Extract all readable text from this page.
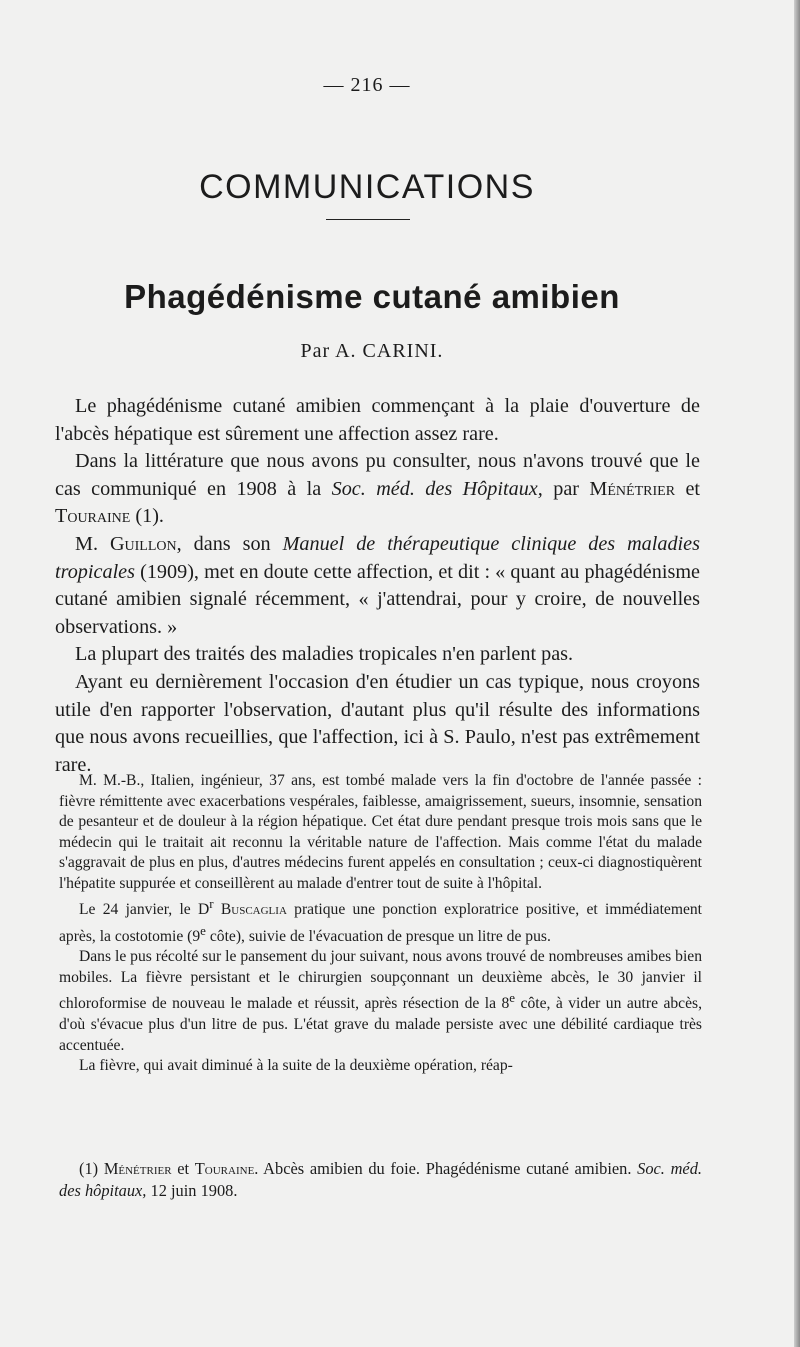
— 216 —
COMMUNICATIONS
Phagédénisme cutané amibien
Par A. CARINI.

Le phagédénisme cutané amibien commençant à la plaie d'ouverture de l'abcès hépatique est sûrement une affection assez rare.

Dans la littérature que nous avons pu consulter, nous n'avons trouvé que le cas communiqué en 1908 à la Soc. méd. des Hôpitaux, par Ménétrier et Touraine (1).

M. Guillon, dans son Manuel de thérapeutique clinique des maladies tropicales (1909), met en doute cette affection, et dit : « quant au phagédénisme cutané amibien signalé récemment, « j'attendrai, pour y croire, de nouvelles observations. »

La plupart des traités des maladies tropicales n'en parlent pas.

Ayant eu dernièrement l'occasion d'en étudier un cas typique, nous croyons utile d'en rapporter l'observation, d'autant plus qu'il résulte des informations que nous avons recueillies, que l'affection, ici à S. Paulo, n'est pas extrêmement rare.

M. M.-B., Italien, ingénieur, 37 ans, est tombé malade vers la fin d'octobre de l'année passée : fièvre rémittente avec exacerbations vespérales, faiblesse, amaigrissement, sueurs, insomnie, sensation de pesanteur et de douleur à la région hépatique. Cet état dure pendant presque trois mois sans que le médecin qui le traitait ait reconnu la véritable nature de l'affection. Mais comme l'état du malade s'aggravait de plus en plus, d'autres médecins furent appelés en consultation ; ceux-ci diagnostiquèrent l'hépatite suppurée et conseillèrent au malade d'entrer tout de suite à l'hôpital.

Le 24 janvier, le $D^r$ Buscaglia pratique une ponction exploratrice positive, et immédiatement après, la costotomie (9e côte), suivie de l'évacuation de presque un litre de pus.

Dans le pus récolté sur le pansement du jour suivant, nous avons trouvé de nombreuses amibes bien mobiles. La fièvre persistant et le chirurgien soupçonnant un deuxième abcès, le 30 janvier il chloroformise de nouveau le malade et réussit, après résection de la 8e côte, à vider un autre abcès, d'où s'évacue plus d'un litre de pus. L'état grave du malade persiste avec une débilité cardiaque très accentuée.

La fièvre, qui avait diminué à la suite de la deuxième opération, réap-

(1) Ménétrier et Touraine. Abcès amibien du foie. Phagédénisme cutané amibien. Soc. méd. des hôpitaux, 12 juin 1908.
